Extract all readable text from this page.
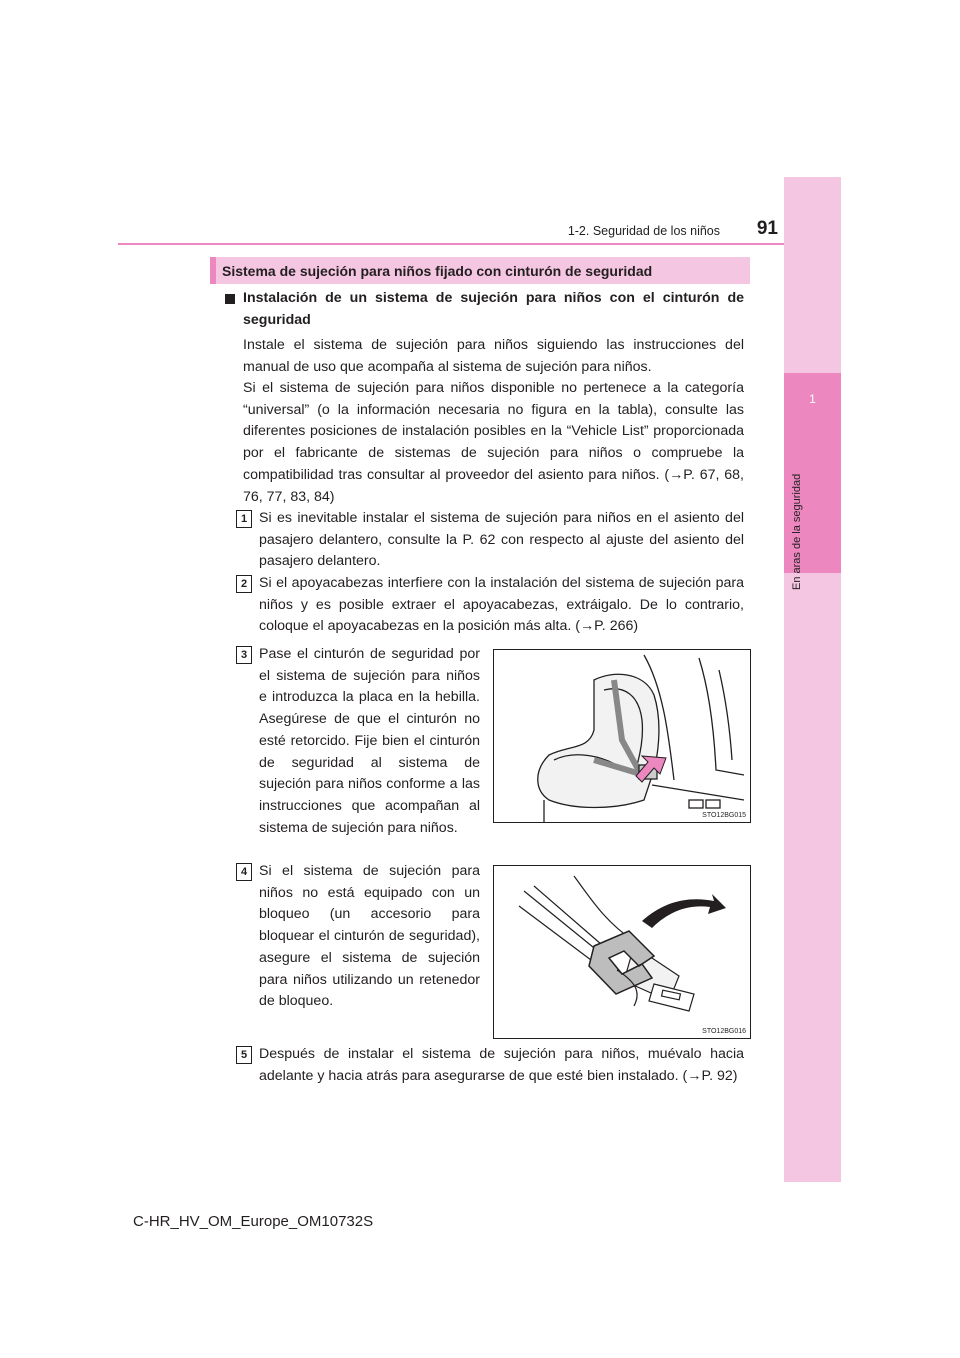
1
En aras de la seguridad
1-2. Seguridad de los niños	91
Sistema de sujeción para niños fijado con cinturón de seguridad
Instalación de un sistema de sujeción para niños con el cinturón de seguridad
Instale el sistema de sujeción para niños siguiendo las instrucciones del manual de uso que acompaña al sistema de sujeción para niños.
Si el sistema de sujeción para niños disponible no pertenece a la categoría “universal” (o la información necesaria no figura en la tabla), consulte las diferentes posiciones de instalación posibles en la “Vehicle List” proporcionada por el fabricante de sistemas de sujeción para niños o compruebe la compatibilidad tras consultar al proveedor del asiento para niños. (→P. 67, 68, 76, 77, 83, 84)
1 Si es inevitable instalar el sistema de sujeción para niños en el asiento del pasajero delantero, consulte la P. 62 con respecto al ajuste del asiento del pasajero delantero.
2 Si el apoyacabezas interfiere con la instalación del sistema de sujeción para niños y es posible extraer el apoyacabezas, extráigalo. De lo contrario, coloque el apoyacabezas en la posición más alta. (→P. 266)
3 Pase el cinturón de seguridad por el sistema de sujeción para niños e introduzca la placa en la hebilla. Asegúrese de que el cinturón no esté retorcido. Fije bien el cinturón de seguridad al sistema de sujeción para niños conforme a las instrucciones que acompañan al sistema de sujeción para niños.
STO12BG015
4 Si el sistema de sujeción para niños no está equipado con un bloqueo (un accesorio para bloquear el cinturón de seguridad), asegure el sistema de sujeción para niños utilizando un retenedor de bloqueo.
STO12BG016
5 Después de instalar el sistema de sujeción para niños, muévalo hacia adelante y hacia atrás para asegurarse de que esté bien instalado. (→P. 92)
C-HR_HV_OM_Europe_OM10732S
